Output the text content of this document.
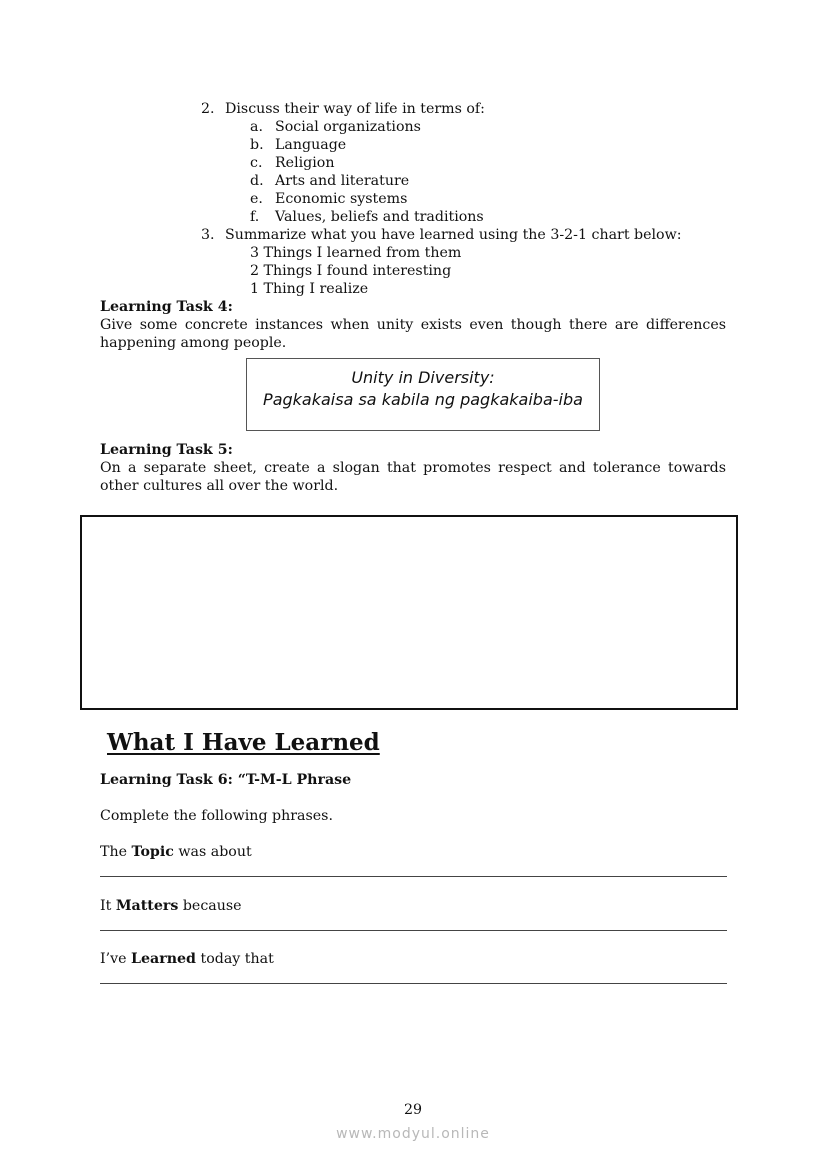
2. Discuss their way of life in terms of:
a. Social organizations
b. Language
c. Religion
d. Arts and literature
e. Economic systems
f. Values, beliefs and traditions
3. Summarize what you have learned using the 3-2-1 chart below:
3 Things I learned from them
2 Things I found interesting
1 Thing I realize
Learning Task 4:
Give some concrete instances when unity exists even though there are differences
happening among people.
Unity in Diversity:
Pagkakaisa sa kabila ng pagkakaiba-iba
Learning Task 5:
On a separate sheet, create a slogan that promotes respect and tolerance towards
other cultures all over the world.
What I Have Learned
Learning Task 6: “T-M-L Phrase
Complete the following phrases.
The Topic was about
It Matters because
I’ve Learned today that
29
www.modyul.online
